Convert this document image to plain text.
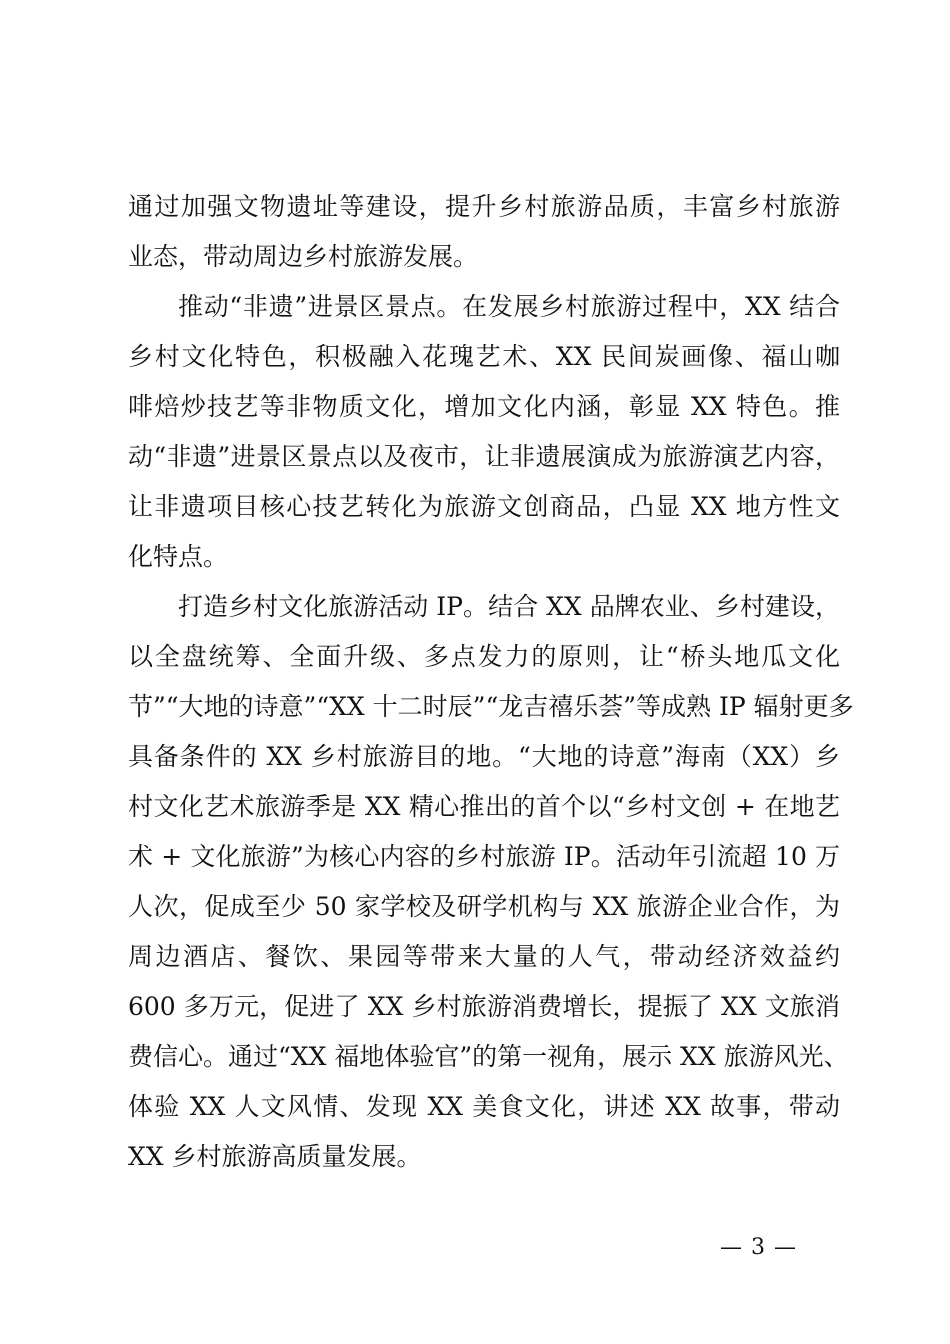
通过加强文物遗址等建设，提升乡村旅游品质，丰富乡村旅游
业态，带动周边乡村旅游发展。
推动“非遗”进景区景点。在发展乡村旅游过程中，XX 结合
乡村文化特色，积极融入花瑰艺术、XX 民间炭画像、福山咖
啡焙炒技艺等非物质文化，增加文化内涵，彰显 XX 特色。推
动“非遗”进景区景点以及夜市，让非遗展演成为旅游演艺内容，
让非遗项目核心技艺转化为旅游文创商品，凸显 XX 地方性文
化特点。
打造乡村文化旅游活动 IP。结合 XX 品牌农业、乡村建设，
以全盘统筹、全面升级、多点发力的原则，让“桥头地瓜文化
节”“大地的诗意”“XX 十二时辰”“龙吉禧乐荟”等成熟 IP 辐射更多
具备条件的 XX 乡村旅游目的地。“大地的诗意”海南（XX）乡
村文化艺术旅游季是 XX 精心推出的首个以“乡村文创 + 在地艺
术 + 文化旅游”为核心内容的乡村旅游 IP。活动年引流超 10 万
人次，促成至少 50 家学校及研学机构与 XX 旅游企业合作，为
周边酒店、餐饮、果园等带来大量的人气，带动经济效益约
600 多万元，促进了 XX 乡村旅游消费增长，提振了 XX 文旅消
费信心。通过“XX 福地体验官”的第一视角，展示 XX 旅游风光、
体验 XX 人文风情、发现 XX 美食文化，讲述 XX 故事，带动
XX 乡村旅游高质量发展。
— 3 —
